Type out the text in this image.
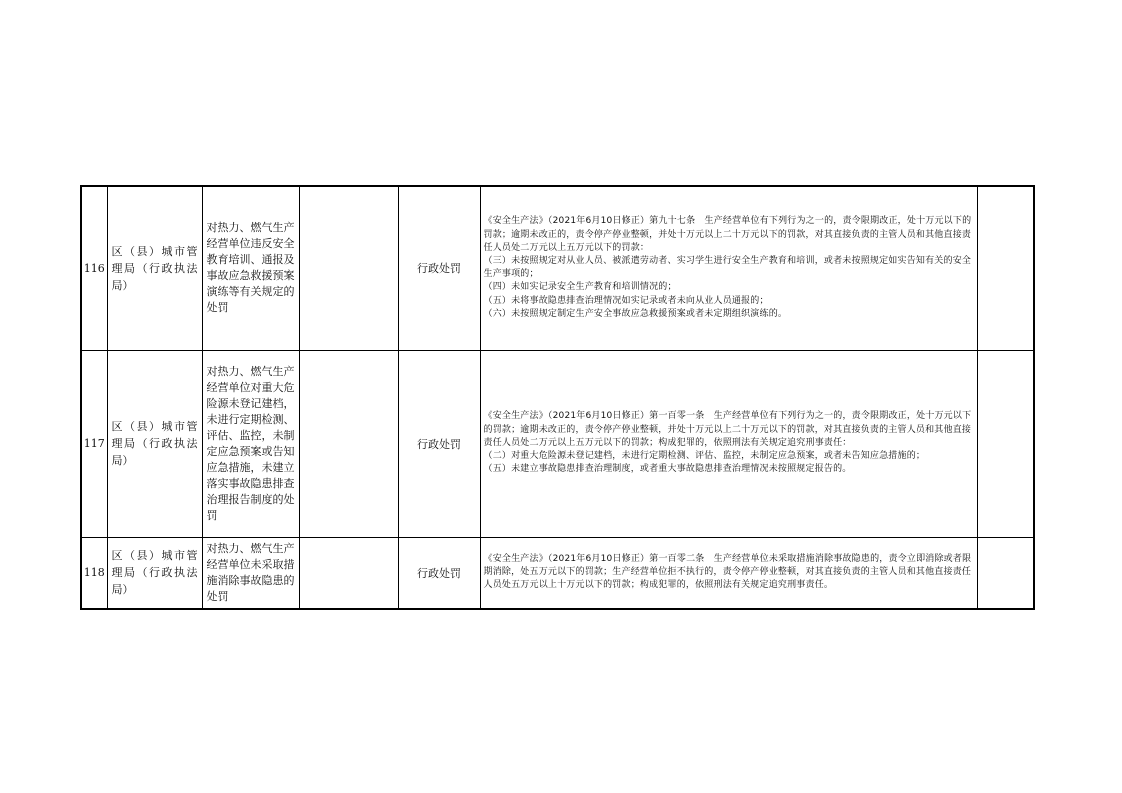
116	区（县）城市管理局（行政执法局）	对热力、燃气生产经营单位违反安全教育培训、通报及事故应急救援预案演练等有关规定的处罚		行政处罚	《安全生产法》（2021年6月10日修正）第九十七条　生产经营单位有下列行为之一的，责令限期改正，处十万元以下的罚款；逾期未改正的，责令停产停业整顿，并处十万元以上二十万元以下的罚款，对其直接负责的主管人员和其他直接责任人员处二万元以上五万元以下的罚款：
（三）未按照规定对从业人员、被派遣劳动者、实习学生进行安全生产教育和培训，或者未按照规定如实告知有关的安全生产事项的；
（四）未如实记录安全生产教育和培训情况的；
（五）未将事故隐患排查治理情况如实记录或者未向从业人员通报的；
（六）未按照规定制定生产安全事故应急救援预案或者未定期组织演练的。	

117	区（县）城市管理局（行政执法局）	对热力、燃气生产经营单位对重大危险源未登记建档，未进行定期检测、评估、监控，未制定应急预案或告知应急措施，未建立落实事故隐患排查治理报告制度的处罚		行政处罚	《安全生产法》（2021年6月10日修正）第一百零一条　生产经营单位有下列行为之一的，责令限期改正，处十万元以下的罚款；逾期未改正的，责令停产停业整顿，并处十万元以上二十万元以下的罚款，对其直接负责的主管人员和其他直接责任人员处二万元以上五万元以下的罚款；构成犯罪的，依照刑法有关规定追究刑事责任：
（二）对重大危险源未登记建档，未进行定期检测、评估、监控，未制定应急预案，或者未告知应急措施的；
（五）未建立事故隐患排查治理制度，或者重大事故隐患排查治理情况未按照规定报告的。	

118	区（县）城市管理局（行政执法局）	对热力、燃气生产经营单位未采取措施消除事故隐患的处罚		行政处罚	《安全生产法》（2021年6月10日修正）第一百零二条　生产经营单位未采取措施消除事故隐患的，责令立即消除或者限期消除，处五万元以下的罚款；生产经营单位拒不执行的，责令停产停业整顿，对其直接负责的主管人员和其他直接责任人员处五万元以上十万元以下的罚款；构成犯罪的，依照刑法有关规定追究刑事责任。	
